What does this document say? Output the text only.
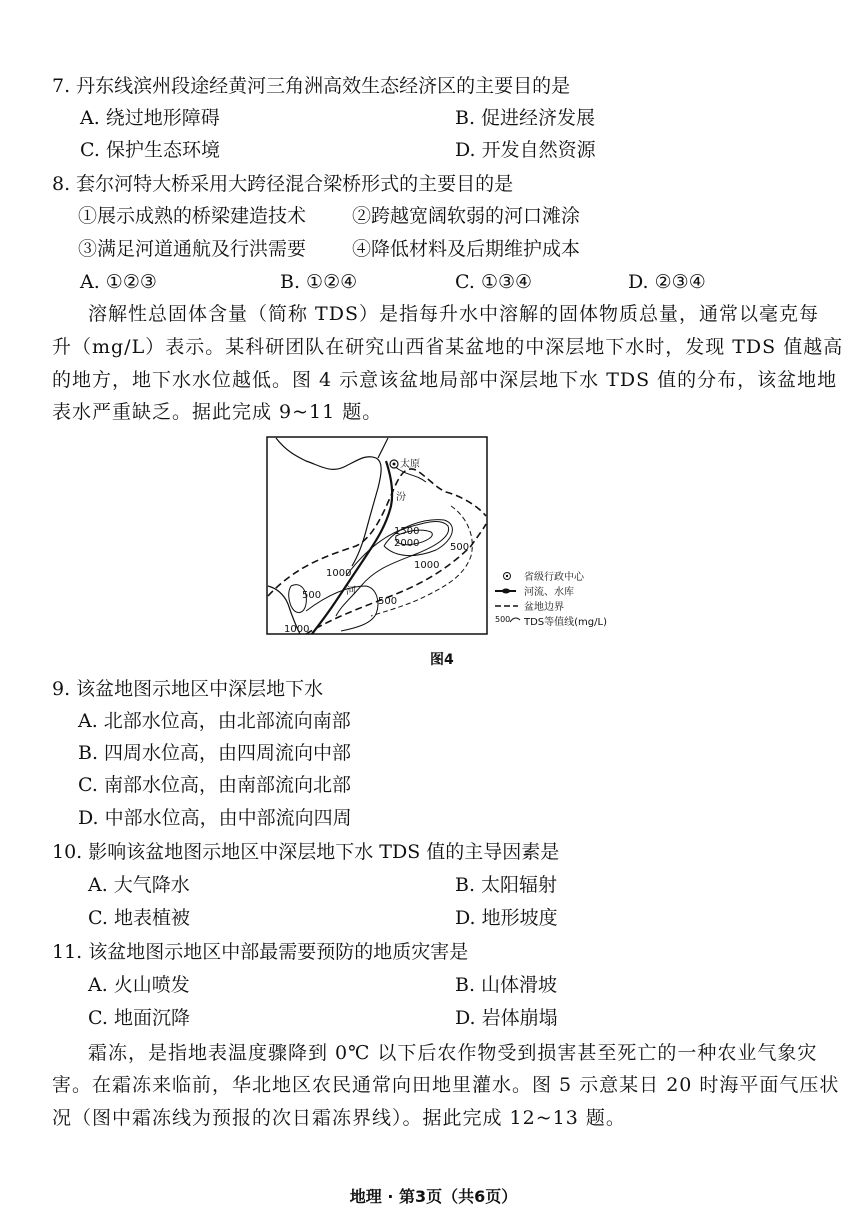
7. 丹东线滨州段途经黄河三角洲高效生态经济区的主要目的是
A. 绕过地形障碍	B. 促进经济发展
C. 保护生态环境	D. 开发自然资源
8. 套尔河特大桥采用大跨径混合梁桥形式的主要目的是
①展示成熟的桥梁建造技术 ②跨越宽阔软弱的河口滩涂
③满足河道通航及行洪需要 ④降低材料及后期维护成本
A. ①②③	B. ①②④	C. ①③④	D. ②③④
溶解性总固体含量（简称 TDS）是指每升水中溶解的固体物质总量，通常以毫克每
升（mg/L）表示。某科研团队在研究山西省某盆地的中深层地下水时，发现 TDS 值越高
的地方，地下水水位越低。图 4 示意该盆地局部中深层地下水 TDS 值的分布，该盆地地
表水严重缺乏。据此完成 9~11 题。
太原
汾
河
1500
2000	500
1000
500
1000
500
1000	省级行政中心
河流、水库
盆地边界
500 TDS等值线(mg/L)
图4
9. 该盆地图示地区中深层地下水
A. 北部水位高，由北部流向南部
B. 四周水位高，由四周流向中部
C. 南部水位高，由南部流向北部
D. 中部水位高，由中部流向四周
10. 影响该盆地图示地区中深层地下水 TDS 值的主导因素是
A. 大气降水	B. 太阳辐射
C. 地表植被	D. 地形坡度
11. 该盆地图示地区中部最需要预防的地质灾害是
A. 火山喷发	B. 山体滑坡
C. 地面沉降	D. 岩体崩塌
霜冻，是指地表温度骤降到 0℃ 以下后农作物受到损害甚至死亡的一种农业气象灾
害。在霜冻来临前，华北地区农民通常向田地里灌水。图 5 示意某日 20 时海平面气压状
况（图中霜冻线为预报的次日霜冻界线）。据此完成 12~13 题。
地理 · 第3页（共6页）
